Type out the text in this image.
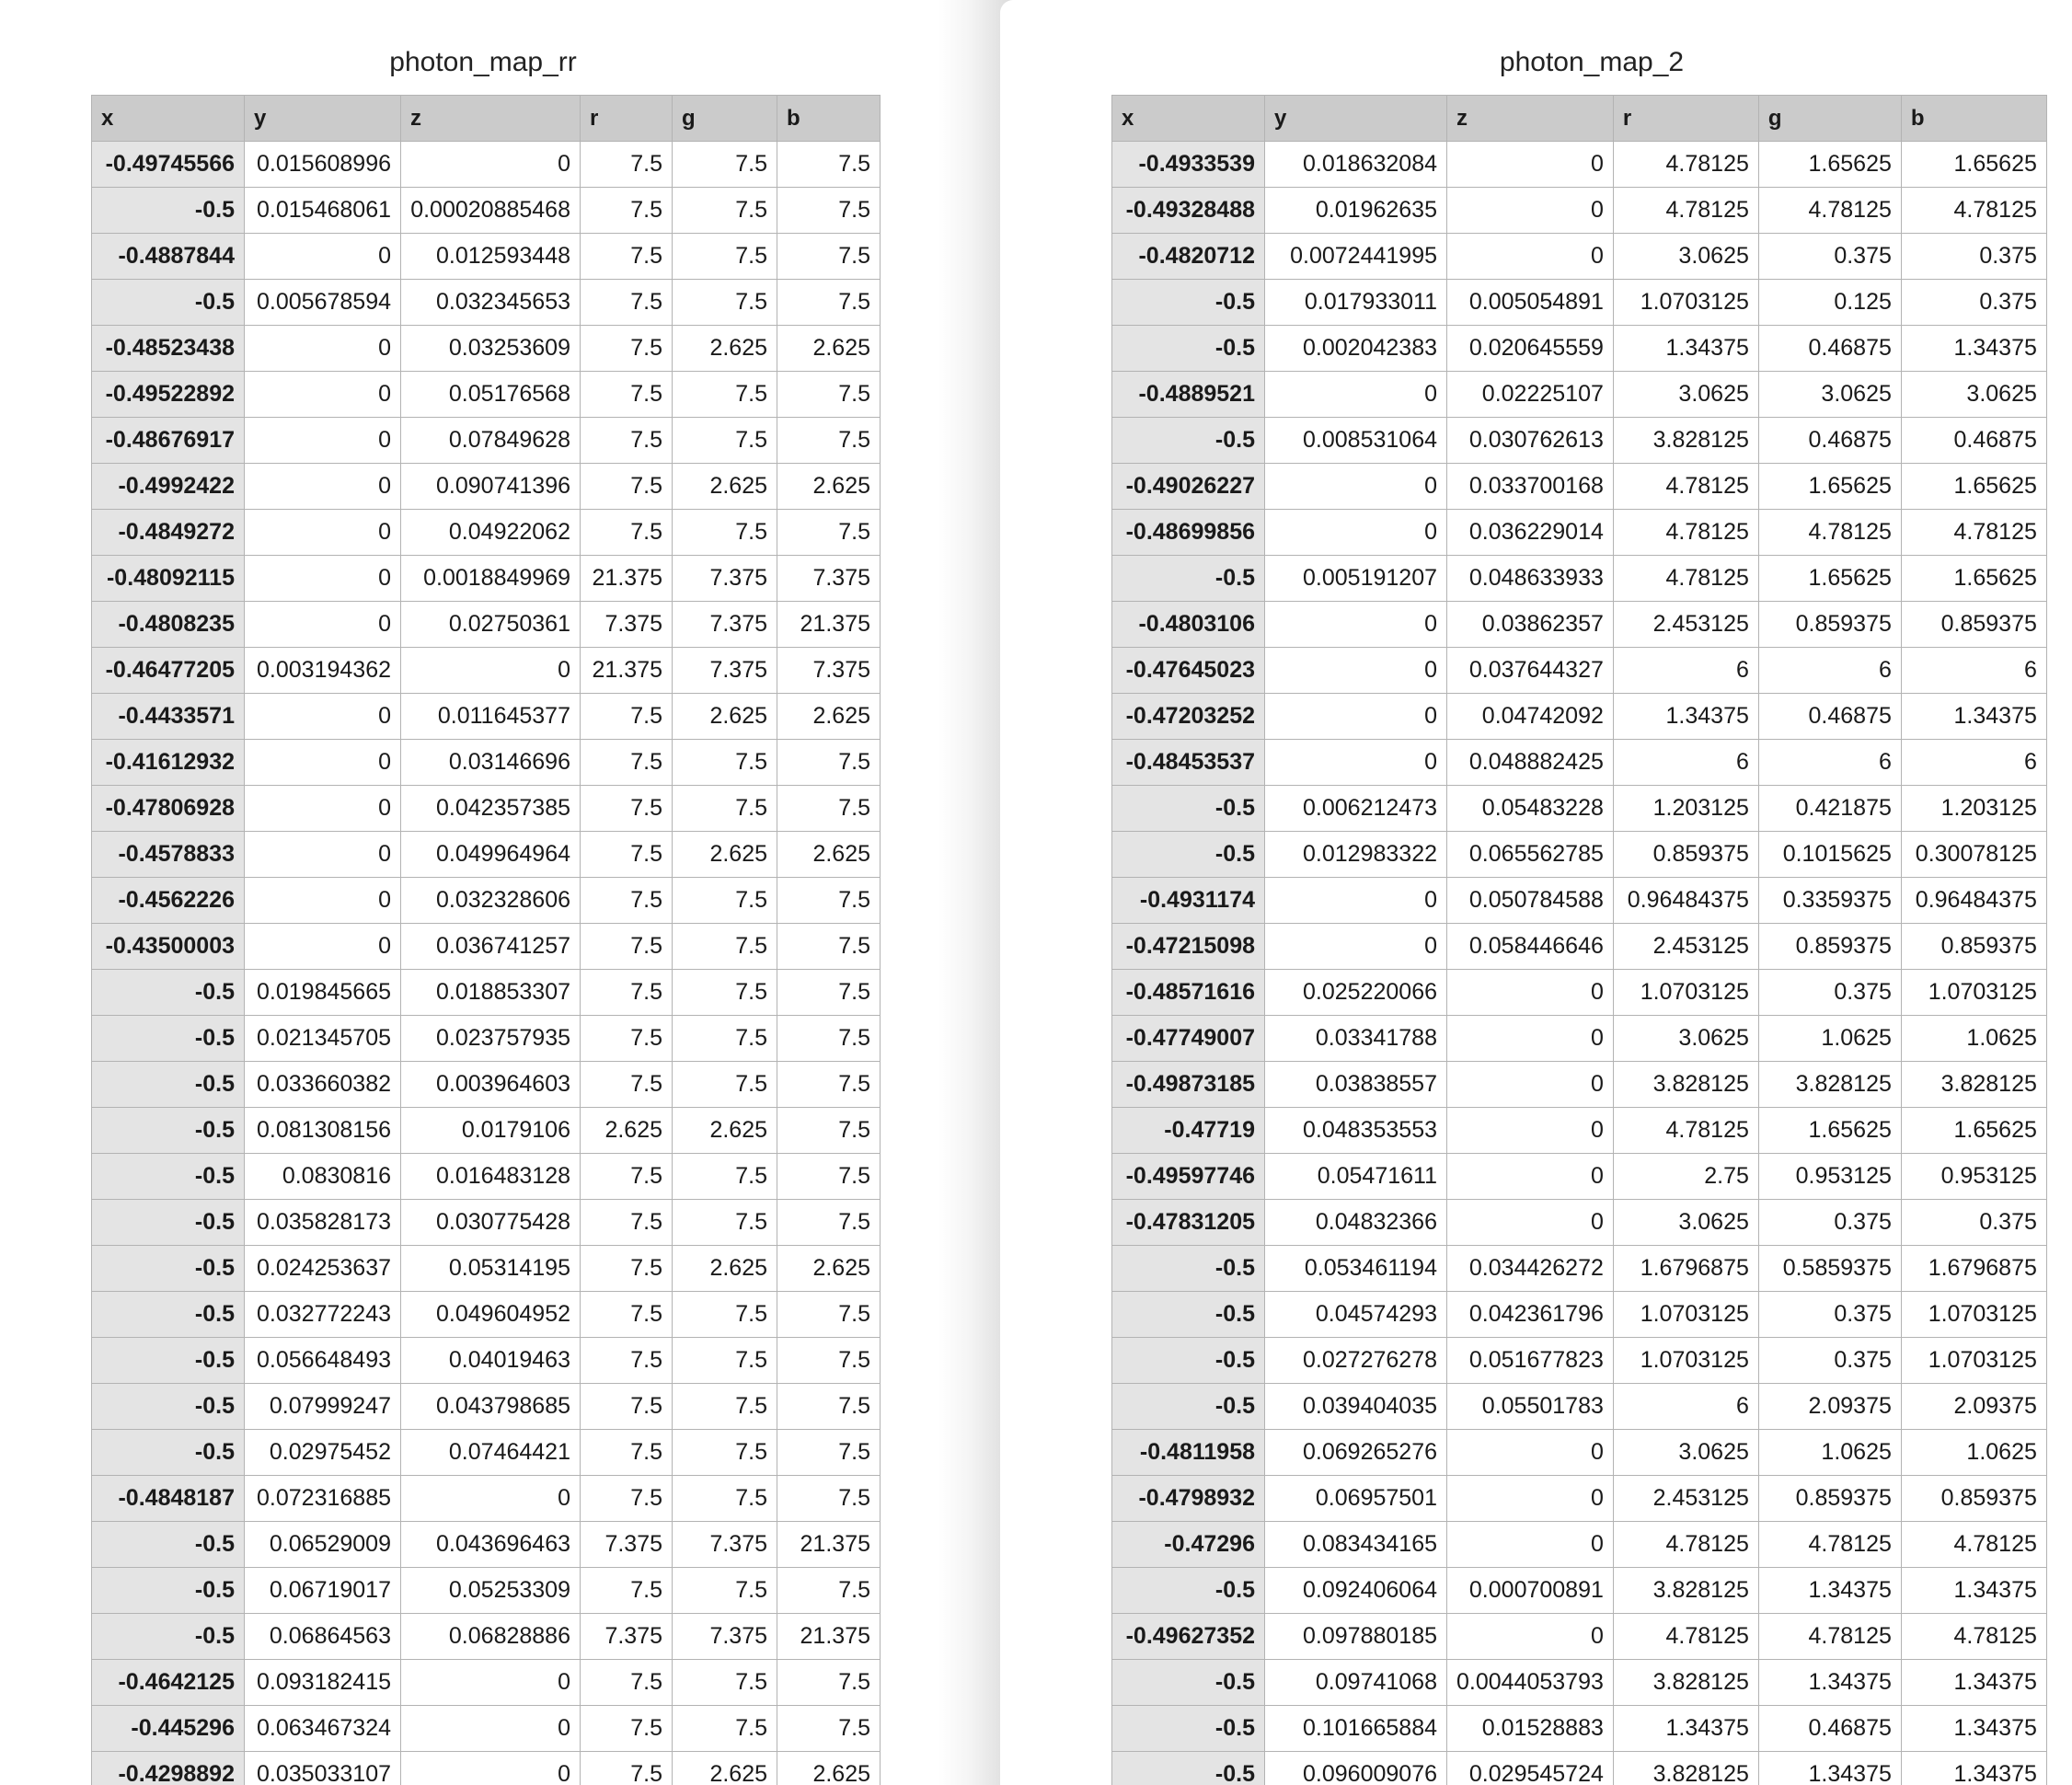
photon_map_rr
x	y	z	r	g	b
-0.49745566	0.015608996	0	7.5	7.5	7.5
-0.5	0.015468061	0.00020885468	7.5	7.5	7.5
-0.4887844	0	0.012593448	7.5	7.5	7.5
-0.5	0.005678594	0.032345653	7.5	7.5	7.5
-0.48523438	0	0.03253609	7.5	2.625	2.625
-0.49522892	0	0.05176568	7.5	7.5	7.5
-0.48676917	0	0.07849628	7.5	7.5	7.5
-0.4992422	0	0.090741396	7.5	2.625	2.625
-0.4849272	0	0.04922062	7.5	7.5	7.5
-0.48092115	0	0.0018849969	21.375	7.375	7.375
-0.4808235	0	0.02750361	7.375	7.375	21.375
-0.46477205	0.003194362	0	21.375	7.375	7.375
-0.4433571	0	0.011645377	7.5	2.625	2.625
-0.41612932	0	0.03146696	7.5	7.5	7.5
-0.47806928	0	0.042357385	7.5	7.5	7.5
-0.4578833	0	0.049964964	7.5	2.625	2.625
-0.4562226	0	0.032328606	7.5	7.5	7.5
-0.43500003	0	0.036741257	7.5	7.5	7.5
-0.5	0.019845665	0.018853307	7.5	7.5	7.5
-0.5	0.021345705	0.023757935	7.5	7.5	7.5
-0.5	0.033660382	0.003964603	7.5	7.5	7.5
-0.5	0.081308156	0.0179106	2.625	2.625	7.5
-0.5	0.0830816	0.016483128	7.5	7.5	7.5
-0.5	0.035828173	0.030775428	7.5	7.5	7.5
-0.5	0.024253637	0.05314195	7.5	2.625	2.625
-0.5	0.032772243	0.049604952	7.5	7.5	7.5
-0.5	0.056648493	0.04019463	7.5	7.5	7.5
-0.5	0.07999247	0.043798685	7.5	7.5	7.5
-0.5	0.02975452	0.07464421	7.5	7.5	7.5
-0.4848187	0.072316885	0	7.5	7.5	7.5
-0.5	0.06529009	0.043696463	7.375	7.375	21.375
-0.5	0.06719017	0.05253309	7.5	7.5	7.5
-0.5	0.06864563	0.06828886	7.375	7.375	21.375
-0.4642125	0.093182415	0	7.5	7.5	7.5
-0.445296	0.063467324	0	7.5	7.5	7.5
-0.4298892	0.035033107	0	7.5	2.625	2.625
photon_map_2
x	y	z	r	g	b
-0.4933539	0.018632084	0	4.78125	1.65625	1.65625
-0.49328488	0.01962635	0	4.78125	4.78125	4.78125
-0.4820712	0.0072441995	0	3.0625	0.375	0.375
-0.5	0.017933011	0.005054891	1.0703125	0.125	0.375
-0.5	0.002042383	0.020645559	1.34375	0.46875	1.34375
-0.4889521	0	0.02225107	3.0625	3.0625	3.0625
-0.5	0.008531064	0.030762613	3.828125	0.46875	0.46875
-0.49026227	0	0.033700168	4.78125	1.65625	1.65625
-0.48699856	0	0.036229014	4.78125	4.78125	4.78125
-0.5	0.005191207	0.048633933	4.78125	1.65625	1.65625
-0.4803106	0	0.03862357	2.453125	0.859375	0.859375
-0.47645023	0	0.037644327	6	6	6
-0.47203252	0	0.04742092	1.34375	0.46875	1.34375
-0.48453537	0	0.048882425	6	6	6
-0.5	0.006212473	0.05483228	1.203125	0.421875	1.203125
-0.5	0.012983322	0.065562785	0.859375	0.1015625	0.30078125
-0.4931174	0	0.050784588	0.96484375	0.3359375	0.96484375
-0.47215098	0	0.058446646	2.453125	0.859375	0.859375
-0.48571616	0.025220066	0	1.0703125	0.375	1.0703125
-0.47749007	0.03341788	0	3.0625	1.0625	1.0625
-0.49873185	0.03838557	0	3.828125	3.828125	3.828125
-0.47719	0.048353553	0	4.78125	1.65625	1.65625
-0.49597746	0.05471611	0	2.75	0.953125	0.953125
-0.47831205	0.04832366	0	3.0625	0.375	0.375
-0.5	0.053461194	0.034426272	1.6796875	0.5859375	1.6796875
-0.5	0.04574293	0.042361796	1.0703125	0.375	1.0703125
-0.5	0.027276278	0.051677823	1.0703125	0.375	1.0703125
-0.5	0.039404035	0.05501783	6	2.09375	2.09375
-0.4811958	0.069265276	0	3.0625	1.0625	1.0625
-0.4798932	0.06957501	0	2.453125	0.859375	0.859375
-0.47296	0.083434165	0	4.78125	4.78125	4.78125
-0.5	0.092406064	0.000700891	3.828125	1.34375	1.34375
-0.49627352	0.097880185	0	4.78125	4.78125	4.78125
-0.5	0.09741068	0.0044053793	3.828125	1.34375	1.34375
-0.5	0.101665884	0.01528883	1.34375	0.46875	1.34375
-0.5	0.096009076	0.029545724	3.828125	1.34375	1.34375
